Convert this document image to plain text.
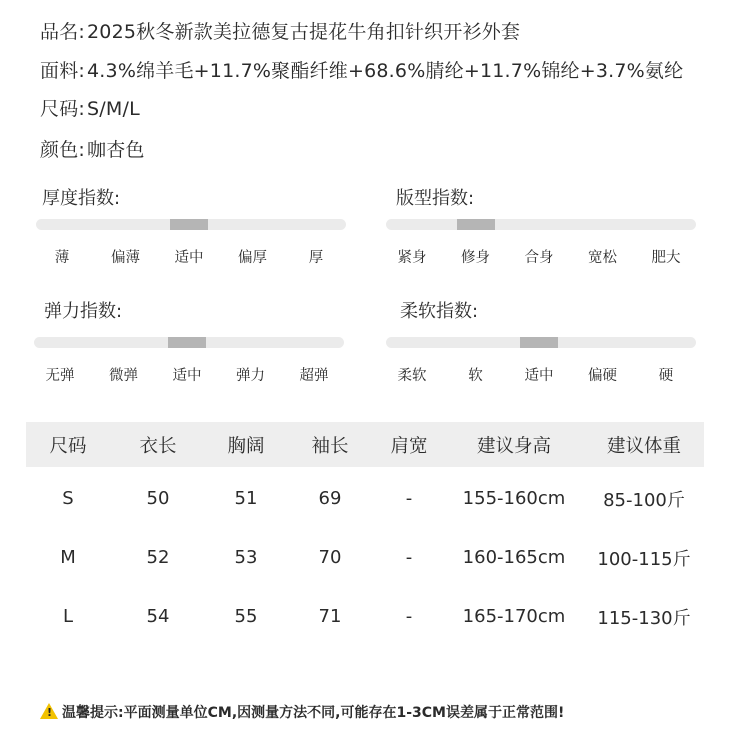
品名: 2025秋冬新款美拉德复古提花牛角扣针织开衫外套
面料: 4.3%绵羊毛+11.7%聚酯纤维+68.6%腈纶+11.7%锦纶+3.7%氨纶
尺码: S/M/L
颜色: 咖杏色
厚度指数:
薄	偏薄 适中 偏厚	厚
版型指数:
紧身 修身 合身 宽松 肥大
弹力指数:
无弹 微弹 适中 弹力 超弹
柔软指数:
柔软	软	适中 偏硬	硬
尺码	衣长	胸阔	袖长	肩宽	建议身高	建议体重
S	50	51	69	-	155-160cm	85-100斤
M	52	53	70	-	160-165cm	100-115斤
L	54	55	71	-	165-170cm	115-130斤
! 温馨提示:平面测量单位CM,因测量方法不同,可能存在1-3CM误差属于正常范围!
